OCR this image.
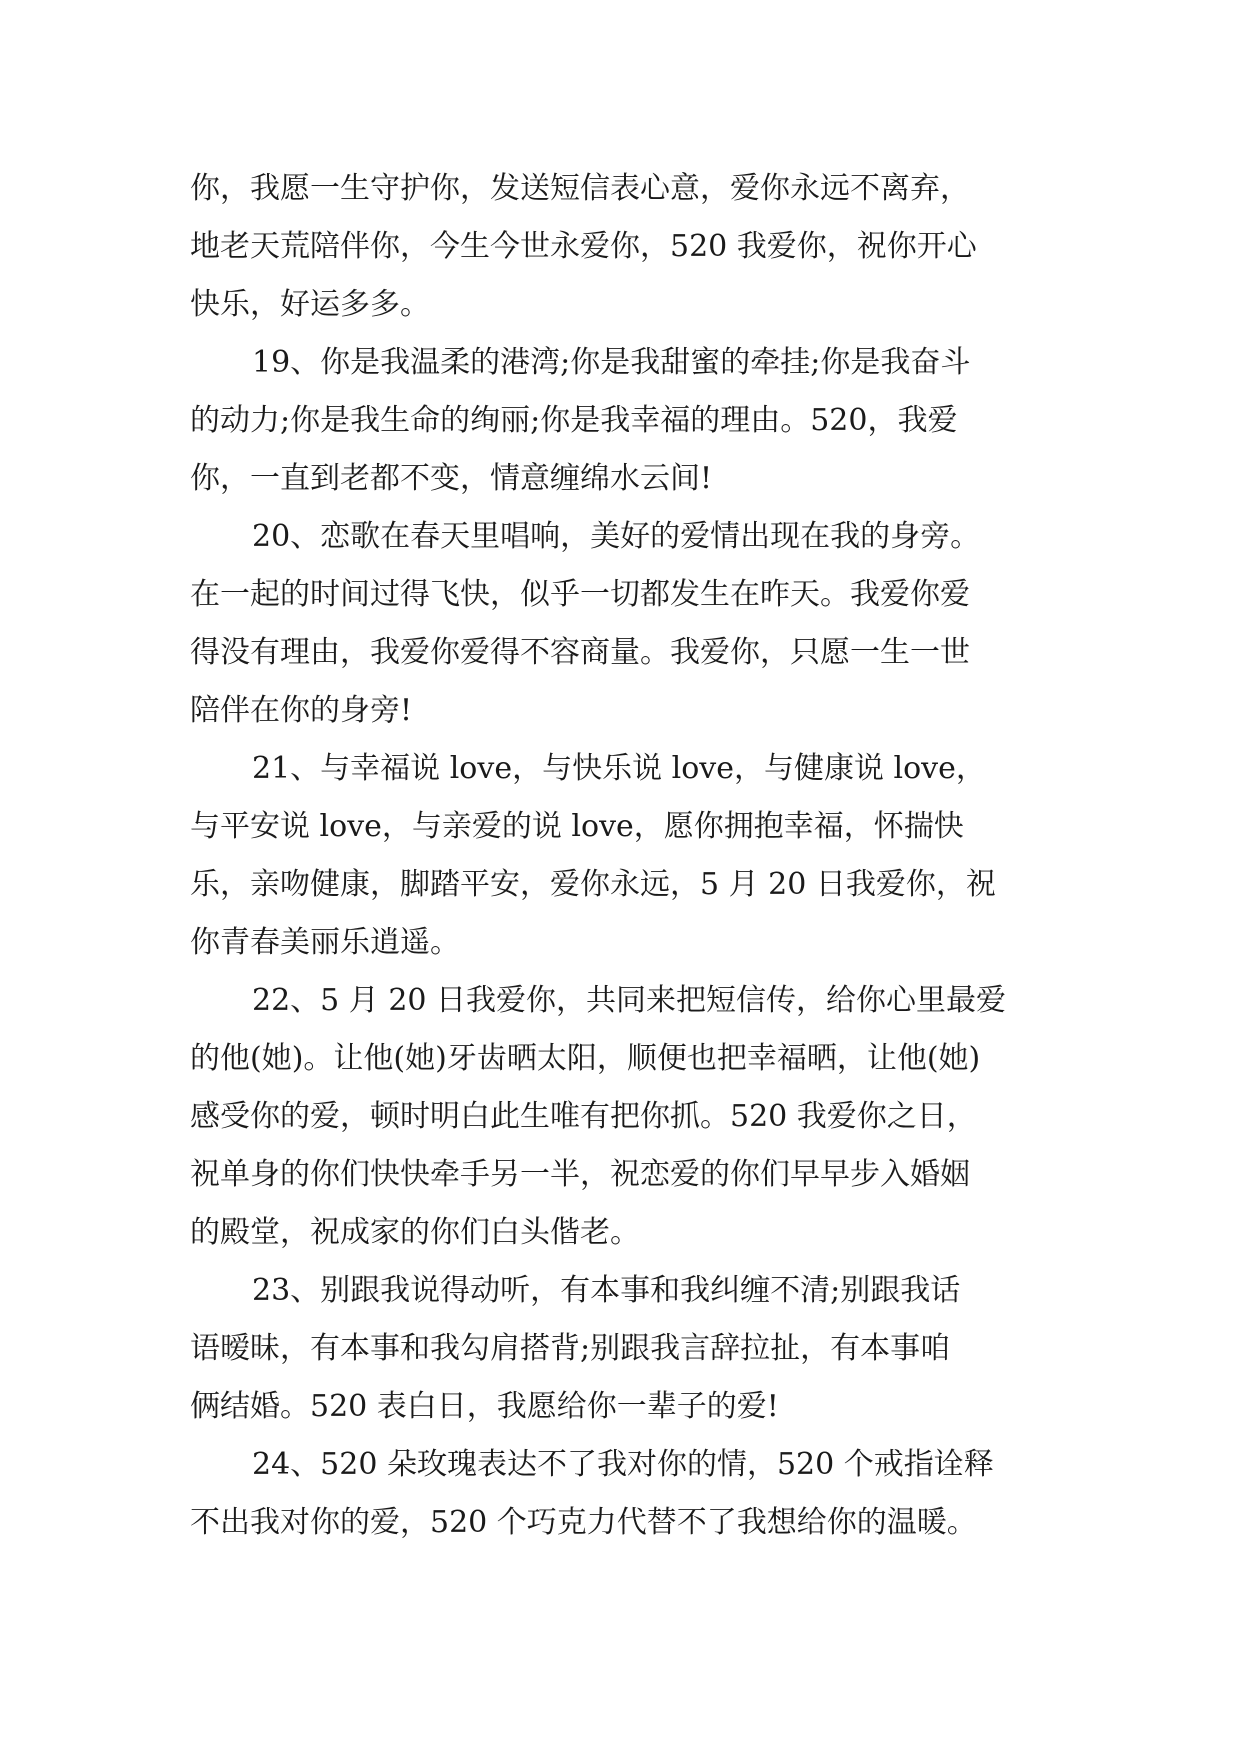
你，我愿一生守护你，发送短信表心意，爱你永远不离弃，
地老天荒陪伴你，今生今世永爱你，520 我爱你，祝你开心
快乐，好运多多。
19、你是我温柔的港湾;你是我甜蜜的牵挂;你是我奋斗
的动力;你是我生命的绚丽;你是我幸福的理由。520，我爱
你，一直到老都不变，情意缠绵水云间!
20、恋歌在春天里唱响，美好的爱情出现在我的身旁。
在一起的时间过得飞快，似乎一切都发生在昨天。我爱你爱
得没有理由，我爱你爱得不容商量。我爱你，只愿一生一世
陪伴在你的身旁!
21、与幸福说 love，与快乐说 love，与健康说 love，
与平安说 love，与亲爱的说 love，愿你拥抱幸福，怀揣快
乐，亲吻健康，脚踏平安，爱你永远，5 月 20 日我爱你，祝
你青春美丽乐逍遥。
22、5 月 20 日我爱你，共同来把短信传，给你心里最爱
的他(她)。让他(她)牙齿晒太阳，顺便也把幸福晒，让他(她)
感受你的爱，顿时明白此生唯有把你抓。520 我爱你之日，
祝单身的你们快快牵手另一半，祝恋爱的你们早早步入婚姻
的殿堂，祝成家的你们白头偕老。
23、别跟我说得动听，有本事和我纠缠不清;别跟我话
语暧昧，有本事和我勾肩搭背;别跟我言辞拉扯，有本事咱
俩结婚。520 表白日，我愿给你一辈子的爱!
24、520 朵玫瑰表达不了我对你的情，520 个戒指诠释
不出我对你的爱，520 个巧克力代替不了我想给你的温暖。
